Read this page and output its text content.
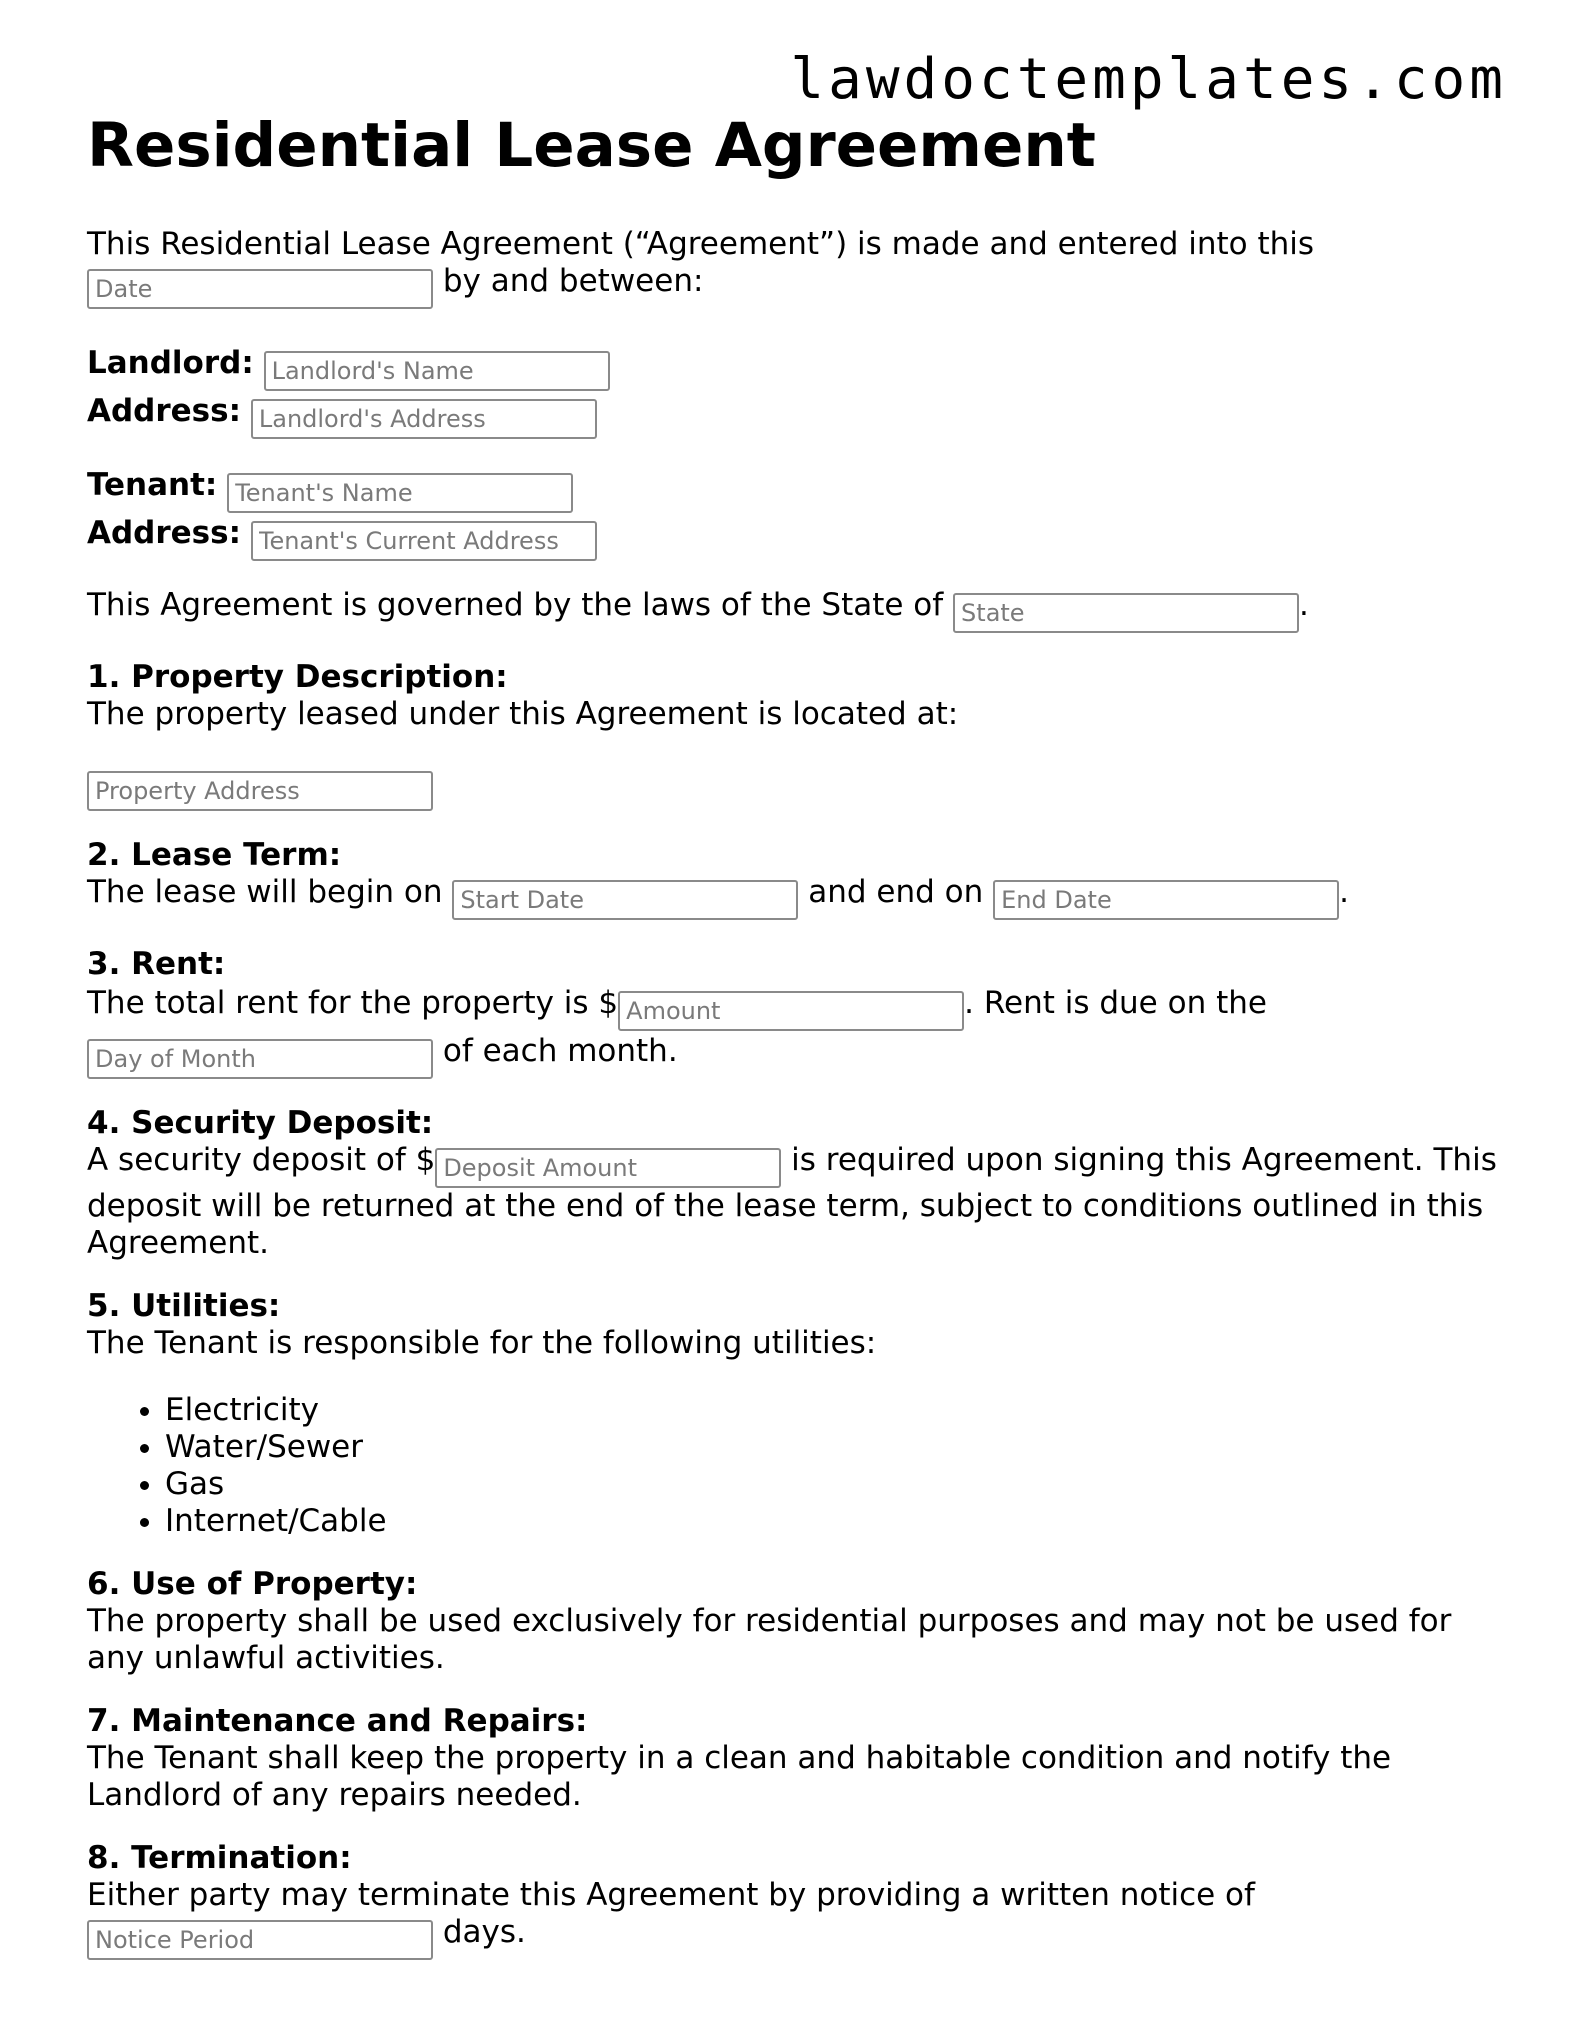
lawdoctemplates.com
Residential Lease Agreement

This Residential Lease Agreement (“Agreement”) is made and entered into this
Date by and between:

Landlord: Landlord's Name

Address: Landlord's Address

Tenant: Tenant's Name

Address: Tenant's Current Address

This Agreement is governed by the laws of the State of State	.

1. Property Description:

The property leased under this Agreement is located at:

Property Address

2. Lease Term:

The lease will begin on Start Date	and end on End Date	.

3. Rent:

The total rent for the property is $Amount	. Rent is due on the
Day of Month of each month.

4. Security Deposit:

A security deposit of $Deposit Amount	is required upon signing this Agreement. This deposit will be returned at the end of the lease term, subject to conditions outlined in this Agreement.

5. Utilities:

The Tenant is responsible for the following utilities:

• Electricity
• Water/Sewer
• Gas
• Internet/Cable

6. Use of Property:

The property shall be used exclusively for residential purposes and may not be used for any unlawful activities.

7. Maintenance and Repairs:

The Tenant shall keep the property in a clean and habitable condition and notify the Landlord of any repairs needed.

8. Termination:

Either party may terminate this Agreement by providing a written notice of
Notice Period days.
